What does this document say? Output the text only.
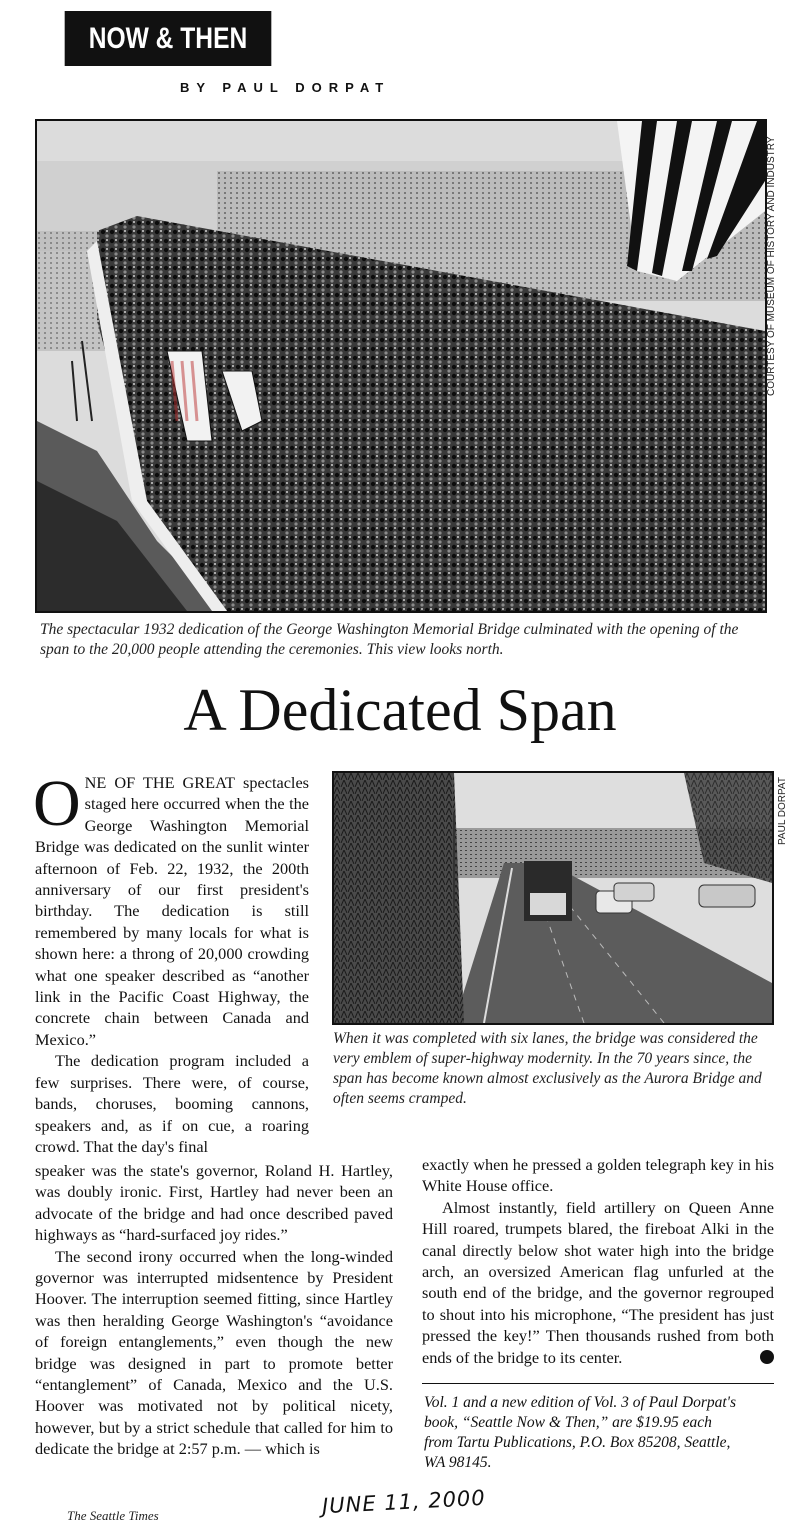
NOW & THEN
BY PAUL DORPAT
COURTESY OF MUSEUM OF HISTORY AND INDUSTRY
The spectacular 1932 dedication of the George Washington Memorial Bridge culminated with the opening of the span to the 20,000 people attending the ceremonies. This view looks north.
A Dedicated Span
PAUL DORPAT
When it was completed with six lanes, the bridge was considered the very emblem of super-highway modernity. In the 70 years since, the span has become known almost exclusively as the Aurora Bridge and often seems cramped.

ONE OF THE GREAT spectacles staged here occurred when the the George Washington Memorial Bridge was dedicated on the sunlit winter afternoon of Feb. 22, 1932, the 200th anniversary of our first president's birthday. The dedication is still remembered by many locals for what is shown here: a throng of 20,000 crowding what one speaker described as “another link in the Pacific Coast Highway, the concrete chain between Canada and Mexico.”

The dedication program included a few surprises. There were, of course, bands, choruses, booming cannons, speakers and, as if on cue, a roaring crowd. That the day's final

speaker was the state's governor, Roland H. Hartley, was doubly ironic. First, Hartley had never been an advocate of the bridge and had once described paved highways as “hard-surfaced joy rides.”

The second irony occurred when the long-winded governor was interrupted midsentence by President Hoover. The interruption seemed fitting, since Hartley was then heralding George Washington's “avoidance of foreign entanglements,” even though the new bridge was designed in part to promote better “entanglement” of Canada, Mexico and the U.S. Hoover was motivated not by political nicety, however, but by a strict schedule that called for him to dedicate the bridge at 2:57 p.m. — which is

exactly when he pressed a golden telegraph key in his White House office.

Almost instantly, field artillery on Queen Anne Hill roared, trumpets blared, the fireboat Alki in the canal directly below shot water high into the bridge arch, an oversized American flag unfurled at the south end of the bridge, and the governor regrouped to shout into his microphone, “The president has just pressed the key!” Then thousands rushed from both ends of the bridge to its center.	P

Vol. 1 and a new edition of Vol. 3 of Paul Dorpat's book, “Seattle Now & Then,” are $19.95 each from Tartu Publications, P.O. Box 85208, Seattle, WA 98145.
The Seattle Times	JUNE 11, 2000
